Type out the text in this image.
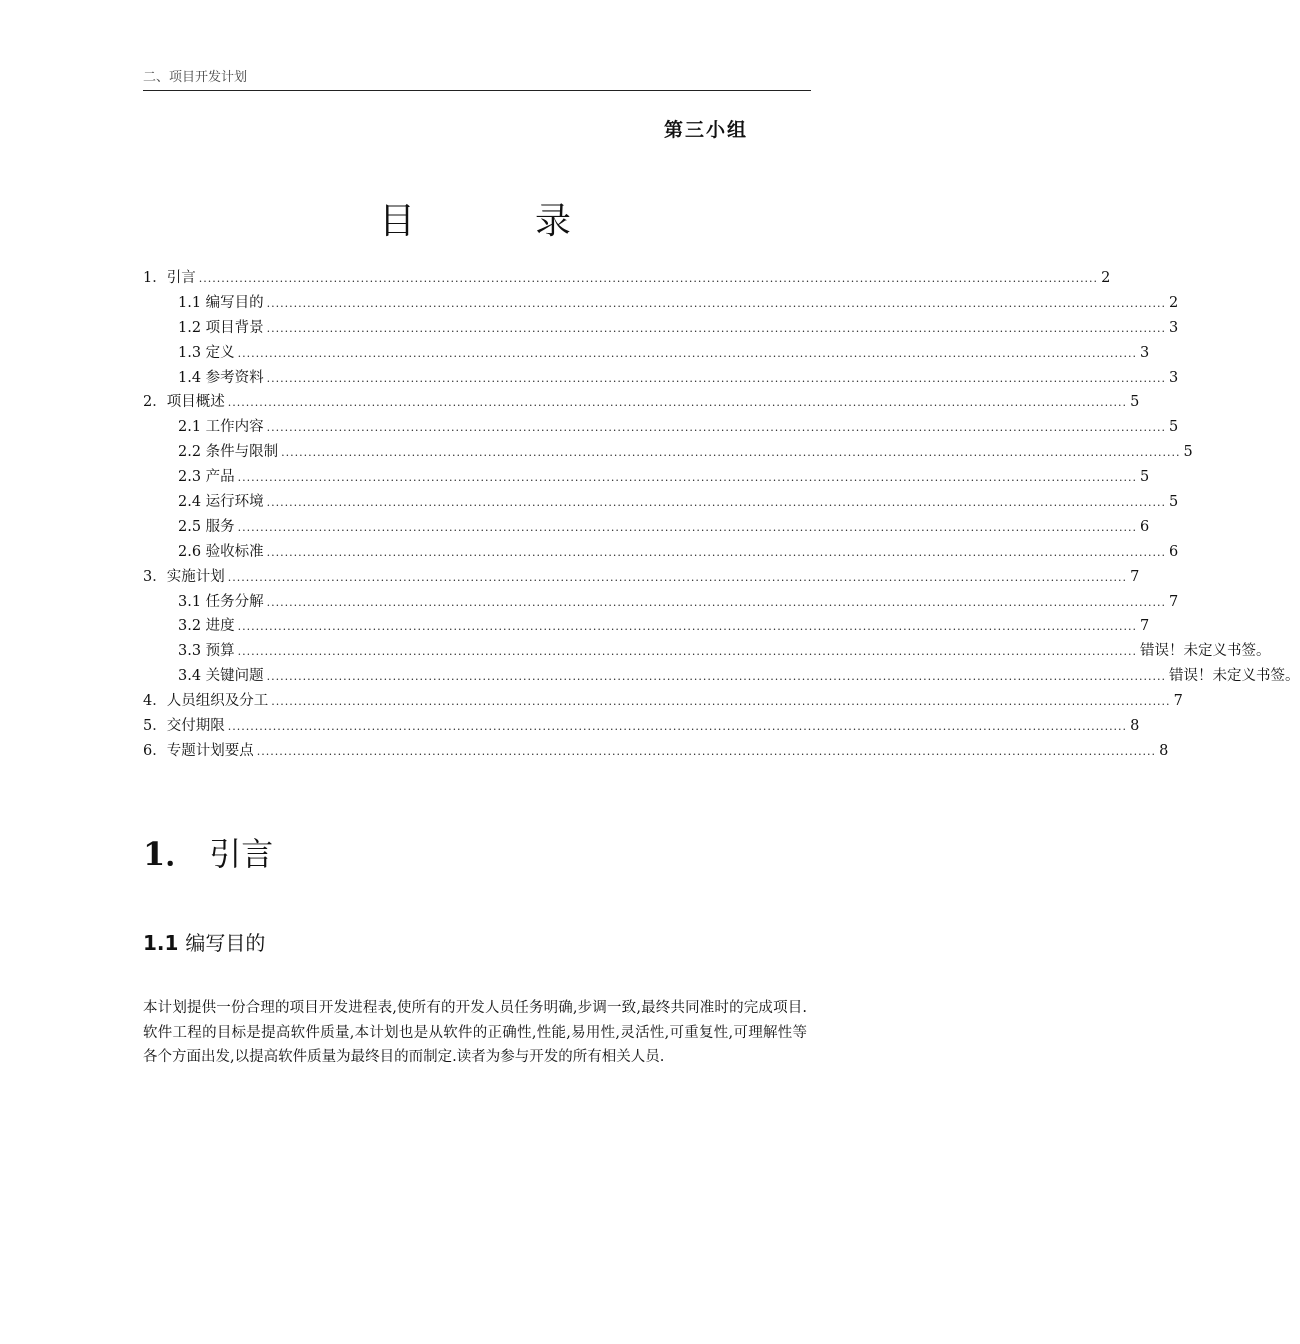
二、项目开发计划
第三小组
目	录
1．引言 ........................................................................................................................................................................................................ 2
1.1 编写目的 ........................................................................................................................................................................................................ 2
1.2 项目背景 ........................................................................................................................................................................................................ 3
1.3 定义 ........................................................................................................................................................................................................ 3
1.4 参考资料 ........................................................................................................................................................................................................ 3
2．项目概述 ........................................................................................................................................................................................................ 5
2.1 工作内容 ........................................................................................................................................................................................................ 5
2.2 条件与限制 ........................................................................................................................................................................................................ 5
2.3 产品 ........................................................................................................................................................................................................ 5
2.4 运行环境 ........................................................................................................................................................................................................ 5
2.5 服务 ........................................................................................................................................................................................................ 6
2.6 验收标准 ........................................................................................................................................................................................................ 6
3．实施计划 ........................................................................................................................................................................................................ 7
3.1 任务分解 ........................................................................................................................................................................................................ 7
3.2 进度 ........................................................................................................................................................................................................ 7
3.3 预算 ........................................................................................................................................................................................................ 错误！未定义书签。
3.4 关键问题 ........................................................................................................................................................................................................ 错误！未定义书签。
4．人员组织及分工 ........................................................................................................................................................................................................ 7
5．交付期限 ........................................................................................................................................................................................................ 8
6．专题计划要点 ........................................................................................................................................................................................................ 8
1． 引言
1.1 编写目的

本计划提供一份合理的项目开发进程表,使所有的开发人员任务明确,步调一致,最终共同准时的完成项目.软件工程的目标是提高软件质量,本计划也是从软件的正确性,性能,易用性,灵活性,可重复性,可理解性等各个方面出发,以提高软件质量为最终目的而制定.读者为参与开发的所有相关人员.
